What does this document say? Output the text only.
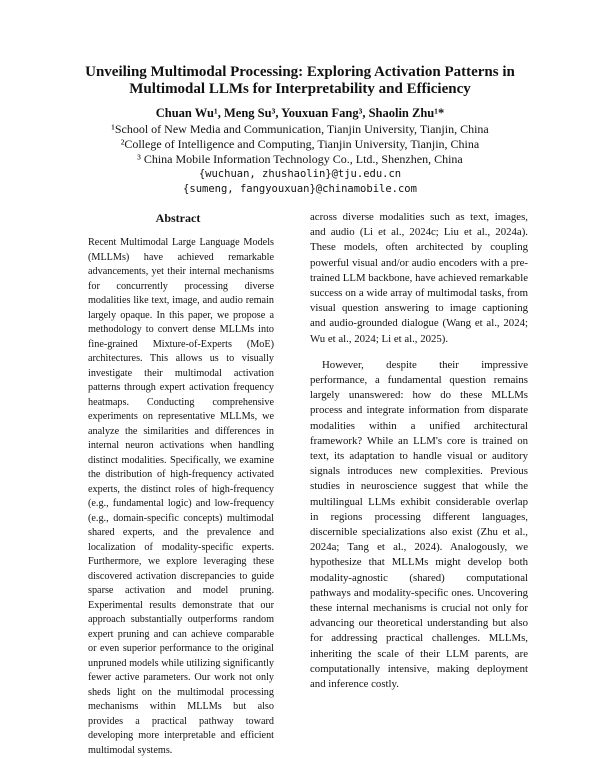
Unveiling Multimodal Processing: Exploring Activation Patterns in Multimodal LLMs for Interpretability and Efficiency
Chuan Wu¹, Meng Su³, Youxuan Fang³, Shaolin Zhu¹*
¹School of New Media and Communication, Tianjin University, Tianjin, China
²College of Intelligence and Computing, Tianjin University, Tianjin, China
³ China Mobile Information Technology Co., Ltd., Shenzhen, China
{wuchuan, zhushaolin}@tju.edu.cn
{sumeng, fangyouxuan}@chinamobile.com
Abstract
Recent Multimodal Large Language Models (MLLMs) have achieved remarkable advancements, yet their internal mechanisms for concurrently processing diverse modalities like text, image, and audio remain largely opaque. In this paper, we propose a methodology to convert dense MLLMs into fine-grained Mixture-of-Experts (MoE) architectures. This allows us to visually investigate their multimodal activation patterns through expert activation frequency heatmaps. Conducting comprehensive experiments on representative MLLMs, we analyze the similarities and differences in internal neuron activations when handling distinct modalities. Specifically, we examine the distribution of high-frequency activated experts, the distinct roles of high-frequency (e.g., fundamental logic) and low-frequency (e.g., domain-specific concepts) multimodal shared experts, and the prevalence and localization of modality-specific experts. Furthermore, we explore leveraging these discovered activation discrepancies to guide sparse activation and model pruning. Experimental results demonstrate that our approach substantially outperforms random expert pruning and can achieve comparable or even superior performance to the original unpruned models while utilizing significantly fewer active parameters. Our work not only sheds light on the multimodal processing mechanisms within MLLMs but also provides a practical pathway toward developing more interpretable and efficient multimodal systems.

across diverse modalities such as text, images, and audio (Li et al., 2024c; Liu et al., 2024a). These models, often architected by coupling powerful visual and/or audio encoders with a pre-trained LLM backbone, have achieved remarkable success on a wide array of multimodal tasks, from visual question answering to image captioning and audio-grounded dialogue (Wang et al., 2024; Wu et al., 2024; Li et al., 2025).

However, despite their impressive performance, a fundamental question remains largely unanswered: how do these MLLMs process and integrate information from disparate modalities within a unified architectural framework? While an LLM's core is trained on text, its adaptation to handle visual or auditory signals introduces new complexities. Previous studies in neuroscience suggest that while the multilingual LLMs exhibit considerable overlap in regions processing different languages, discernible specializations also exist (Zhu et al., 2024a; Tang et al., 2024). Analogously, we hypothesize that MLLMs might develop both modality-agnostic (shared) computational pathways and modality-specific ones. Uncovering these internal mechanisms is crucial not only for advancing our theoretical understanding but also for addressing practical challenges. MLLMs, inheriting the scale of their LLM parents, are computationally intensive, making deployment and inference costly.
